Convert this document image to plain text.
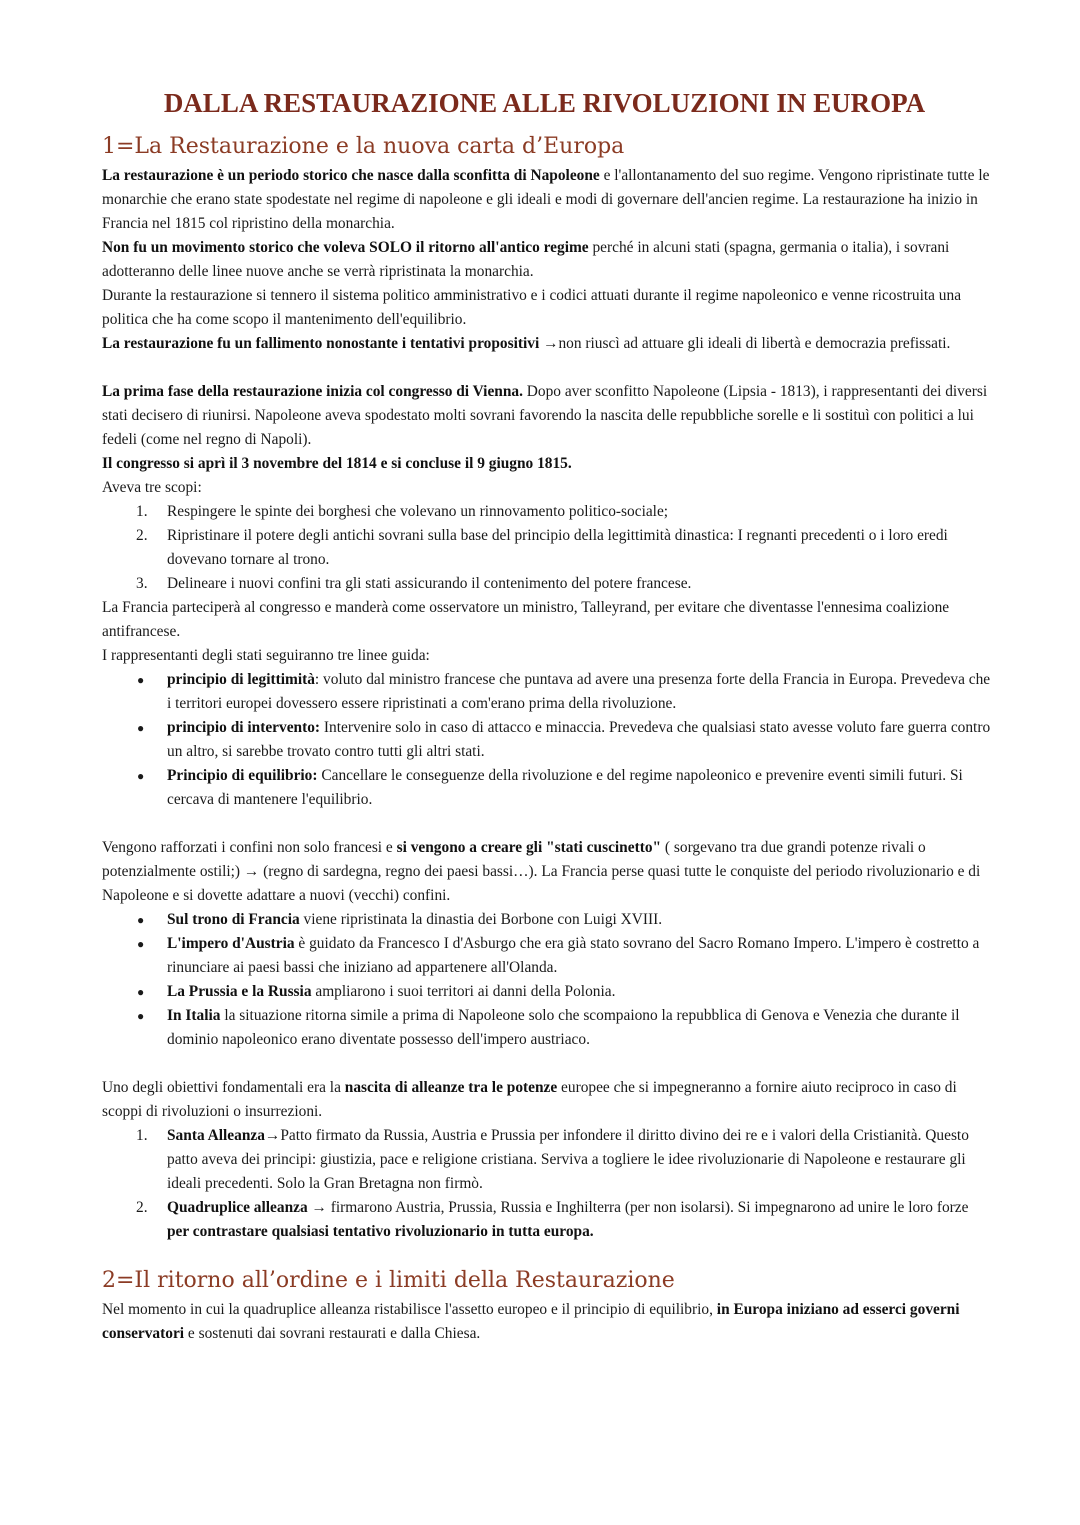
DALLA RESTAURAZIONE ALLE RIVOLUZIONI IN EUROPA
1=La Restaurazione e la nuova carta d’Europa

La restaurazione è un periodo storico che nasce dalla sconfitta di Napoleone e l'allontanamento del suo regime. Vengono ripristinate tutte le monarchie che erano state spodestate nel regime di napoleone e gli ideali e modi di governare dell'ancien regime. La restaurazione ha inizio in Francia nel 1815 col ripristino della monarchia.

Non fu un movimento storico che voleva SOLO il ritorno all'antico regime perché in alcuni stati (spagna, germania o italia), i sovrani adotteranno delle linee nuove anche se verrà ripristinata la monarchia.

Durante la restaurazione si tennero il sistema politico amministrativo e i codici attuati durante il regime napoleonico e venne ricostruita una politica che ha come scopo il mantenimento dell'equilibrio.

La restaurazione fu un fallimento nonostante i tentativi propositivi →non riuscì ad attuare gli ideali di libertà e democrazia prefissati.

La prima fase della restaurazione inizia col congresso di Vienna. Dopo aver sconfitto Napoleone (Lipsia - 1813), i rappresentanti dei diversi stati decisero di riunirsi. Napoleone aveva spodestato molti sovrani favorendo la nascita delle repubbliche sorelle e li sostituì con politici a lui fedeli (come nel regno di Napoli).

Il congresso si aprì il 3 novembre del 1814 e si concluse il 9 giugno 1815.

Aveva tre scopi:

Respingere le spinte dei borghesi che volevano un rinnovamento politico-sociale;
Ripristinare il potere degli antichi sovrani sulla base del principio della legittimità dinastica: I regnanti precedenti o i loro eredi dovevano tornare al trono.
Delineare i nuovi confini tra gli stati assicurando il contenimento del potere francese.

La Francia parteciperà al congresso e manderà come osservatore un ministro, Talleyrand, per evitare che diventasse l'ennesima coalizione antifrancese.

I rappresentanti degli stati seguiranno tre linee guida:

● principio di legittimità: voluto dal ministro francese che puntava ad avere una presenza forte della Francia in Europa. Prevedeva che i territori europei dovessero essere ripristinati a com'erano prima della rivoluzione.
● principio di intervento: Intervenire solo in caso di attacco e minaccia. Prevedeva che qualsiasi stato avesse voluto fare guerra contro un altro, si sarebbe trovato contro tutti gli altri stati.
● Principio di equilibrio: Cancellare le conseguenze della rivoluzione e del regime napoleonico e prevenire eventi simili futuri. Si cercava di mantenere l'equilibrio.

Vengono rafforzati i confini non solo francesi e si vengono a creare gli "stati cuscinetto" ( sorgevano tra due grandi potenze rivali o potenzialmente ostili;) → (regno di sardegna, regno dei paesi bassi…). La Francia perse quasi tutte le conquiste del periodo rivoluzionario e di Napoleone e si dovette adattare a nuovi (vecchi) confini.

● Sul trono di Francia viene ripristinata la dinastia dei Borbone con Luigi XVIII.
● L'impero d'Austria è guidato da Francesco I d'Asburgo che era già stato sovrano del Sacro Romano Impero. L'impero è costretto a rinunciare ai paesi bassi che iniziano ad appartenere all'Olanda.
● La Prussia e la Russia ampliarono i suoi territori ai danni della Polonia.
● In Italia la situazione ritorna simile a prima di Napoleone solo che scompaiono la repubblica di Genova e Venezia che durante il dominio napoleonico erano diventate possesso dell'impero austriaco.

Uno degli obiettivi fondamentali era la nascita di alleanze tra le potenze europee che si impegneranno a fornire aiuto reciproco in caso di scoppi di rivoluzioni o insurrezioni.

Santa Alleanza→Patto firmato da Russia, Austria e Prussia per infondere il diritto divino dei re e i valori della Cristianità. Questo patto aveva dei principi: giustizia, pace e religione cristiana. Serviva a togliere le idee rivoluzionarie di Napoleone e restaurare gli ideali precedenti. Solo la Gran Bretagna non firmò.
Quadruplice alleanza → firmarono Austria, Prussia, Russia e Inghilterra (per non isolarsi). Si impegnarono ad unire le loro forze per contrastare qualsiasi tentativo rivoluzionario in tutta europa.
2=Il ritorno all’ordine e i limiti della Restaurazione

Nel momento in cui la quadruplice alleanza ristabilisce l'assetto europeo e il principio di equilibrio, in Europa iniziano ad esserci governi conservatori e sostenuti dai sovrani restaurati e dalla Chiesa.
